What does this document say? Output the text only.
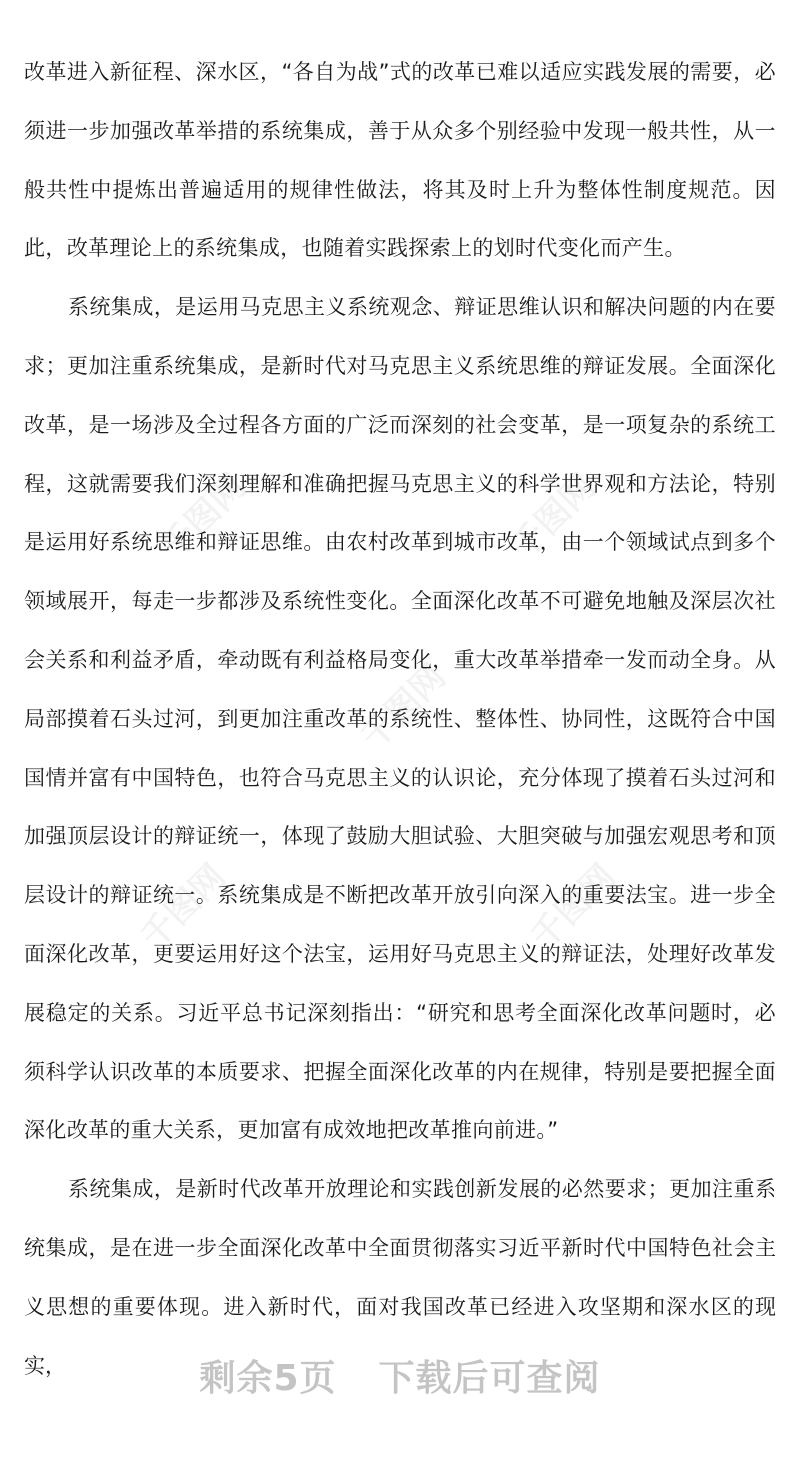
千图网	千图网
千图网
千图网	千图网

改革进入新征程、深水区，“各自为战”式的改革已难以适应实践发展的需要，必须进一步加强改革举措的系统集成，善于从众多个别经验中发现一般共性，从一般共性中提炼出普遍适用的规律性做法，将其及时上升为整体性制度规范。因此，改革理论上的系统集成，也随着实践探索上的划时代变化而产生。

系统集成，是运用马克思主义系统观念、辩证思维认识和解决问题的内在要求；更加注重系统集成，是新时代对马克思主义系统思维的辩证发展。全面深化改革，是一场涉及全过程各方面的广泛而深刻的社会变革，是一项复杂的系统工程，这就需要我们深刻理解和准确把握马克思主义的科学世界观和方法论，特别是运用好系统思维和辩证思维。由农村改革到城市改革，由一个领域试点到多个领域展开，每走一步都涉及系统性变化。全面深化改革不可避免地触及深层次社会关系和利益矛盾，牵动既有利益格局变化，重大改革举措牵一发而动全身。从局部摸着石头过河，到更加注重改革的系统性、整体性、协同性，这既符合中国国情并富有中国特色，也符合马克思主义的认识论，充分体现了摸着石头过河和加强顶层设计的辩证统一，体现了鼓励大胆试验、大胆突破与加强宏观思考和顶层设计的辩证统一。系统集成是不断把改革开放引向深入的重要法宝。进一步全面深化改革，更要运用好这个法宝，运用好马克思主义的辩证法，处理好改革发展稳定的关系。习近平总书记深刻指出：“研究和思考全面深化改革问题时，必须科学认识改革的本质要求、把握全面深化改革的内在规律，特别是要把握全面深化改革的重大关系，更加富有成效地把改革推向前进。”

系统集成，是新时代改革开放理论和实践创新发展的必然要求；更加注重系统集成，是在进一步全面深化改革中全面贯彻落实习近平新时代中国特色社会主义思想的重要体现。进入新时代，面对我国改革已经进入攻坚期和深水区的现实，	剩余5页 下载后可查阅
